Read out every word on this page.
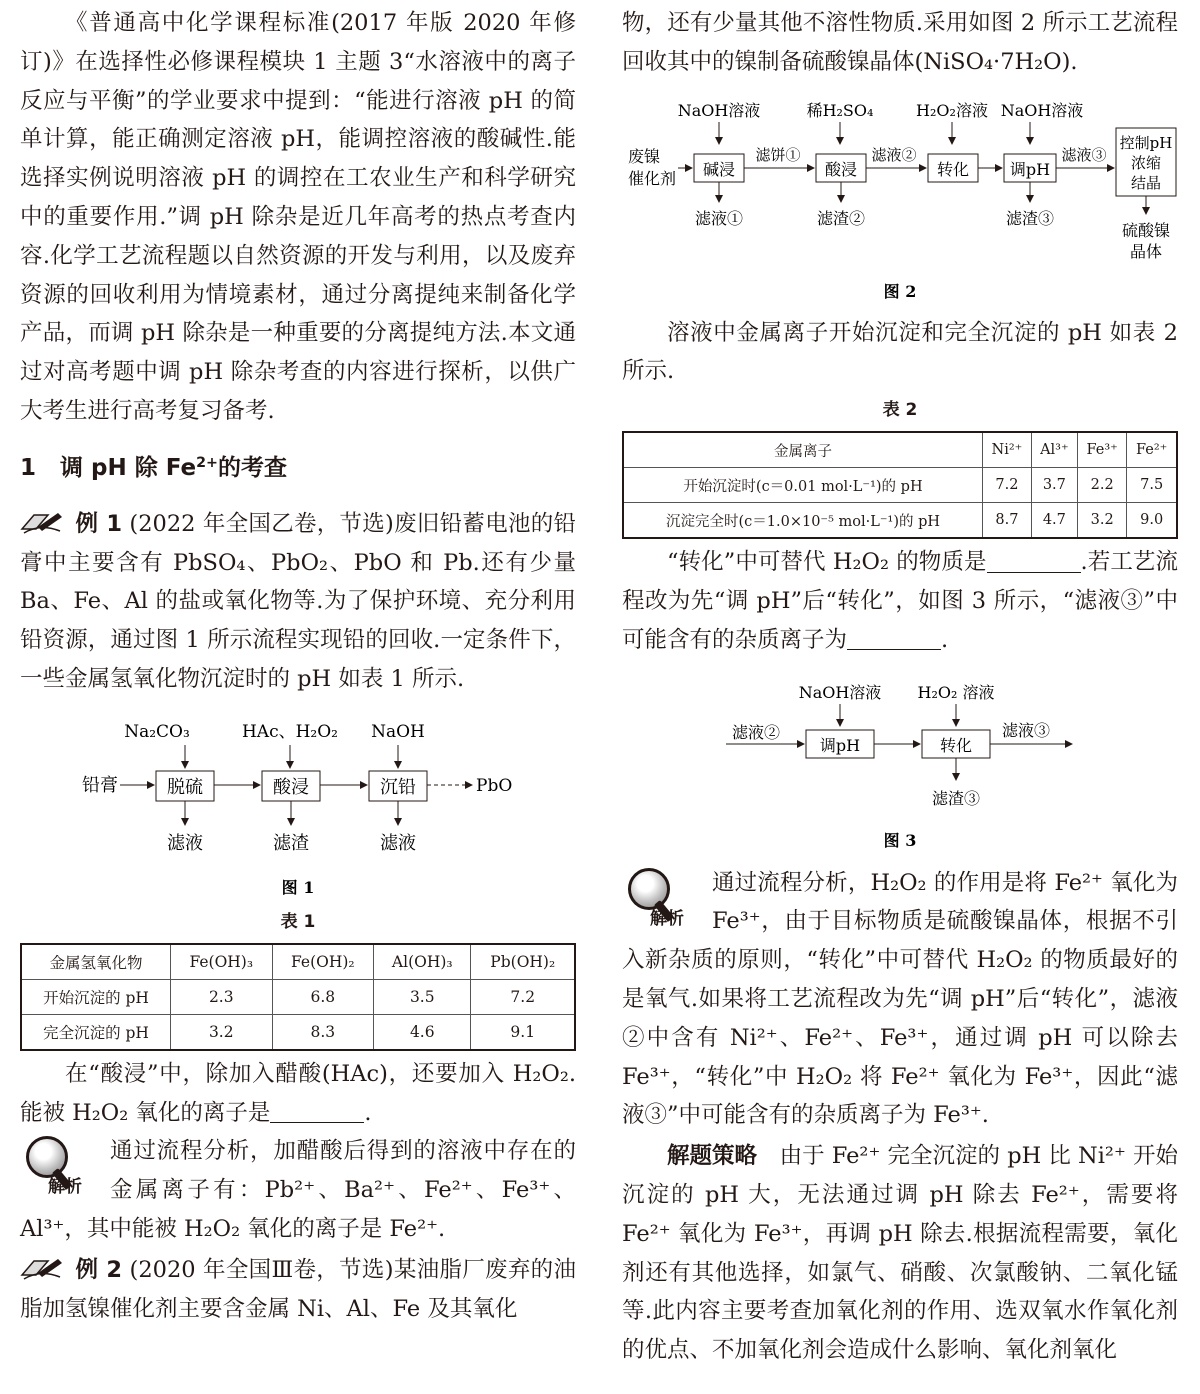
《普通高中化学课程标准(2017 年版 2020 年修订)》在选择性必修课程模块 1 主题 3“水溶液中的离子反应与平衡”的学业要求中提到：“能进行溶液 pH 的简单计算，能正确测定溶液 pH，能调控溶液的酸碱性.能选择实例说明溶液 pH 的调控在工农业生产和科学研究中的重要作用.”调 pH 除杂是近几年高考的热点考查内容.化学工艺流程题以自然资源的开发与利用，以及废弃资源的回收利用为情境素材，通过分离提纯来制备化学产品，而调 pH 除杂是一种重要的分离提纯方法.本文通过对高考题中调 pH 除杂考查的内容进行探析，以供广大考生进行高考复习备考.

1 调 pH 除 $Fe^{2+}$的考查

例 1 (2022 年全国乙卷，节选)废旧铅蓄电池的铅膏中主要含有 PbSO₄、PbO₂、PbO 和 Pb.还有少量 Ba、Fe、Al 的盐或氧化物等.为了保护环境、充分利用铅资源，通过图 1 所示流程实现铅的回收.一定条件下，一些金属氢氧化物沉淀时的 pH 如表 1 所示.

Na₂CO₃	HAc、H₂O₂ NaOH
铅膏	脱硫	酸浸	沉铅	PbO
滤液	滤渣	滤液
图 1

表 1

金属氢氧化物	Fe(OH)₃	Fe(OH)₂	Al(OH)₃	Pb(OH)₂
开始沉淀的 pH	2.3	6.8	3.5	7.2
完全沉淀的 pH	3.2	8.3	4.6	9.1

在“酸浸”中，除加入醋酸(HAc)，还要加入 H₂O₂.能被 H₂O₂ 氧化的离子是	.

解析

通过流程分析，加醋酸后得到的溶液中存在的金属离子有：Pb²⁺、Ba²⁺、Fe²⁺、Fe³⁺、Al³⁺，其中能被 H₂O₂ 氧化的离子是 Fe²⁺.

例 2 (2020 年全国Ⅲ卷，节选)某油脂厂废弃的油脂加氢镍催化剂主要含金属 Ni、Al、Fe 及其氧化

物，还有少量其他不溶性物质.采用如图 2 所示工艺流程回收其中的镍制备硫酸镍晶体(NiSO₄·7H₂O).

NaOH溶液	稀H₂SO₄	H₂O₂溶液 NaOH溶液
废镍
催化剂 碱浸
滤饼①
酸浸
滤液②
转化	调pH
滤液③
控制pH
浓缩
结晶
滤液①	滤渣②	滤渣③
硫酸镍
晶体
图 2

溶液中金属离子开始沉淀和完全沉淀的 pH 如表 2 所示.

表 2

金属离子	Ni²⁺	Al³⁺	Fe³⁺	Fe²⁺
开始沉淀时(c＝0.01 mol·L⁻¹)的 pH	7.2	3.7	2.2	7.5
沉淀完全时(c＝1.0×10⁻⁵ mol·L⁻¹)的 pH	8.7	4.7	3.2	9.0

“转化”中可替代 H₂O₂ 的物质是	.若工艺流程改为先“调 pH”后“转化”，如图 3 所示，“滤液③”中可能含有的杂质离子为	.

NaOH溶液 H₂O₂ 溶液
滤液②
调pH	转化
滤液③
滤渣③
图 3
解析

通过流程分析，H₂O₂ 的作用是将 Fe²⁺ 氧化为 Fe³⁺，由于目标物质是硫酸镍晶体，根据不引入新杂质的原则，“转化”中可替代 H₂O₂ 的物质最好的是氧气.如果将工艺流程改为先“调 pH”后“转化”，滤液②中含有 Ni²⁺、Fe²⁺、Fe³⁺，通过调 pH 可以除去 Fe³⁺，“转化”中 H₂O₂ 将 Fe²⁺ 氧化为 Fe³⁺，因此“滤液③”中可能含有的杂质离子为 Fe³⁺.

解题策略　 由于 Fe²⁺ 完全沉淀的 pH 比 Ni²⁺ 开始沉淀的 pH 大，无法通过调 pH 除去 Fe²⁺，需要将 Fe²⁺ 氧化为 Fe³⁺，再调 pH 除去.根据流程需要，氧化剂还有其他选择，如氯气、硝酸、次氯酸钠、二氧化锰等.此内容主要考查加氧化剂的作用、选双氧水作氧化剂的优点、不加氧化剂会造成什么影响、氧化剂氧化
